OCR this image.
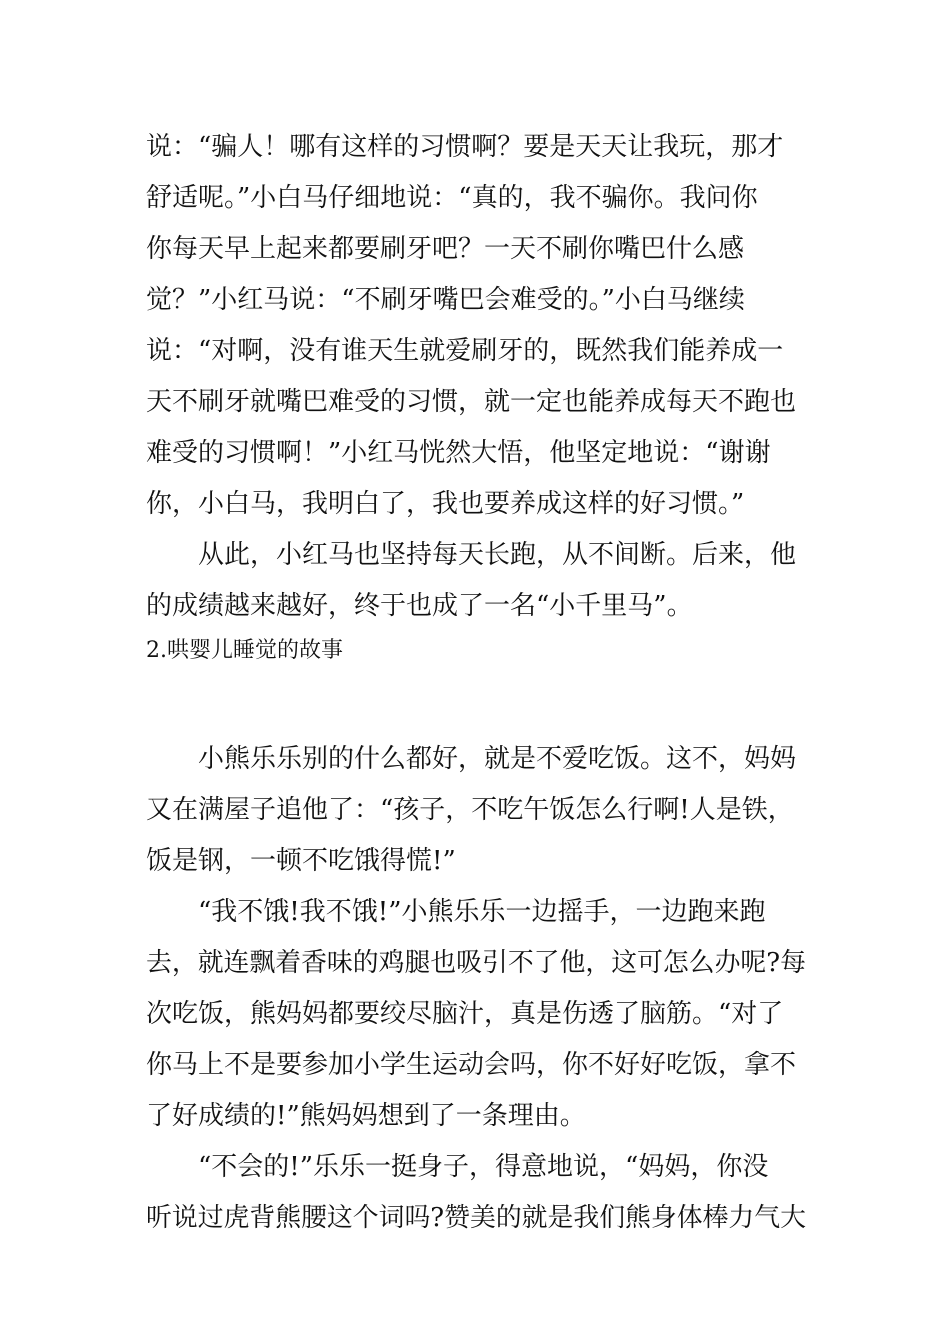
说：“骗人！哪有这样的习惯啊？要是天天让我玩，那才
舒适呢。”小白马仔细地说：“真的，我不骗你。我问你
你每天早上起来都要刷牙吧？一天不刷你嘴巴什么感
觉？”小红马说：“不刷牙嘴巴会难受的。”小白马继续
说：“对啊，没有谁天生就爱刷牙的，既然我们能养成一
天不刷牙就嘴巴难受的习惯，就一定也能养成每天不跑也
难受的习惯啊！”小红马恍然大悟，他坚定地说：“谢谢
你，小白马，我明白了，我也要养成这样的好习惯。”
　　从此，小红马也坚持每天长跑，从不间断。后来，他
的成绩越来越好，终于也成了一名“小千里马”。
2.哄婴儿睡觉的故事
　　小熊乐乐别的什么都好，就是不爱吃饭。这不，妈妈
又在满屋子追他了：“孩子，不吃午饭怎么行啊!人是铁，
饭是钢，一顿不吃饿得慌!”
　　“我不饿!我不饿!”小熊乐乐一边摇手，一边跑来跑
去，就连飘着香味的鸡腿也吸引不了他，这可怎么办呢?每
次吃饭，熊妈妈都要绞尽脑汁，真是伤透了脑筋。“对了
你马上不是要参加小学生运动会吗，你不好好吃饭，拿不
了好成绩的!”熊妈妈想到了一条理由。
　　“不会的!”乐乐一挺身子，得意地说，“妈妈，你没
听说过虎背熊腰这个词吗?赞美的就是我们熊身体棒力气大
